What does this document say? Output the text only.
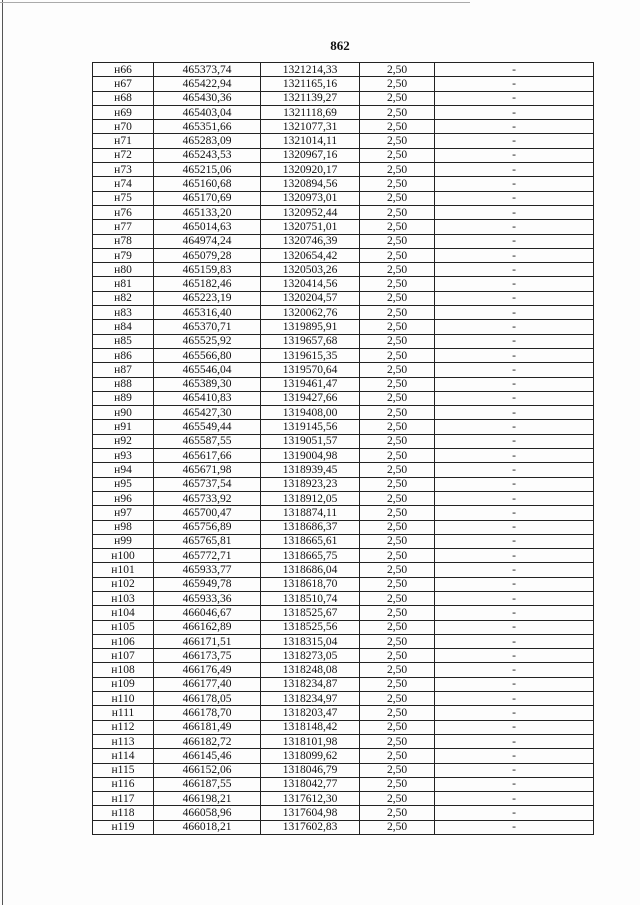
862
н66	465373,74	1321214,33	2,50	-
н67	465422,94	1321165,16	2,50	-
н68	465430,36	1321139,27	2,50	-
н69	465403,04	1321118,69	2,50	-
н70	465351,66	1321077,31	2,50	-
н71	465283,09	1321014,11	2,50	-
н72	465243,53	1320967,16	2,50	-
н73	465215,06	1320920,17	2,50	-
н74	465160,68	1320894,56	2,50	-
н75	465170,69	1320973,01	2,50	-
н76	465133,20	1320952,44	2,50	-
н77	465014,63	1320751,01	2,50	-
н78	464974,24	1320746,39	2,50	-
н79	465079,28	1320654,42	2,50	-
н80	465159,83	1320503,26	2,50	-
н81	465182,46	1320414,56	2,50	-
н82	465223,19	1320204,57	2,50	-
н83	465316,40	1320062,76	2,50	-
н84	465370,71	1319895,91	2,50	-
н85	465525,92	1319657,68	2,50	-
н86	465566,80	1319615,35	2,50	-
н87	465546,04	1319570,64	2,50	-
н88	465389,30	1319461,47	2,50	-
н89	465410,83	1319427,66	2,50	-
н90	465427,30	1319408,00	2,50	-
н91	465549,44	1319145,56	2,50	-
н92	465587,55	1319051,57	2,50	-
н93	465617,66	1319004,98	2,50	-
н94	465671,98	1318939,45	2,50	-
н95	465737,54	1318923,23	2,50	-
н96	465733,92	1318912,05	2,50	-
н97	465700,47	1318874,11	2,50	-
н98	465756,89	1318686,37	2,50	-
н99	465765,81	1318665,61	2,50	-
н100	465772,71	1318665,75	2,50	-
н101	465933,77	1318686,04	2,50	-
н102	465949,78	1318618,70	2,50	-
н103	465933,36	1318510,74	2,50	-
н104	466046,67	1318525,67	2,50	-
н105	466162,89	1318525,56	2,50	-
н106	466171,51	1318315,04	2,50	-
н107	466173,75	1318273,05	2,50	-
н108	466176,49	1318248,08	2,50	-
н109	466177,40	1318234,87	2,50	-
н110	466178,05	1318234,97	2,50	-
н111	466178,70	1318203,47	2,50	-
н112	466181,49	1318148,42	2,50	-
н113	466182,72	1318101,98	2,50	-
н114	466145,46	1318099,62	2,50	-
н115	466152,06	1318046,79	2,50	-
н116	466187,55	1318042,77	2,50	-
н117	466198,21	1317612,30	2,50	-
н118	466058,96	1317604,98	2,50	-
н119	466018,21	1317602,83	2,50	-
